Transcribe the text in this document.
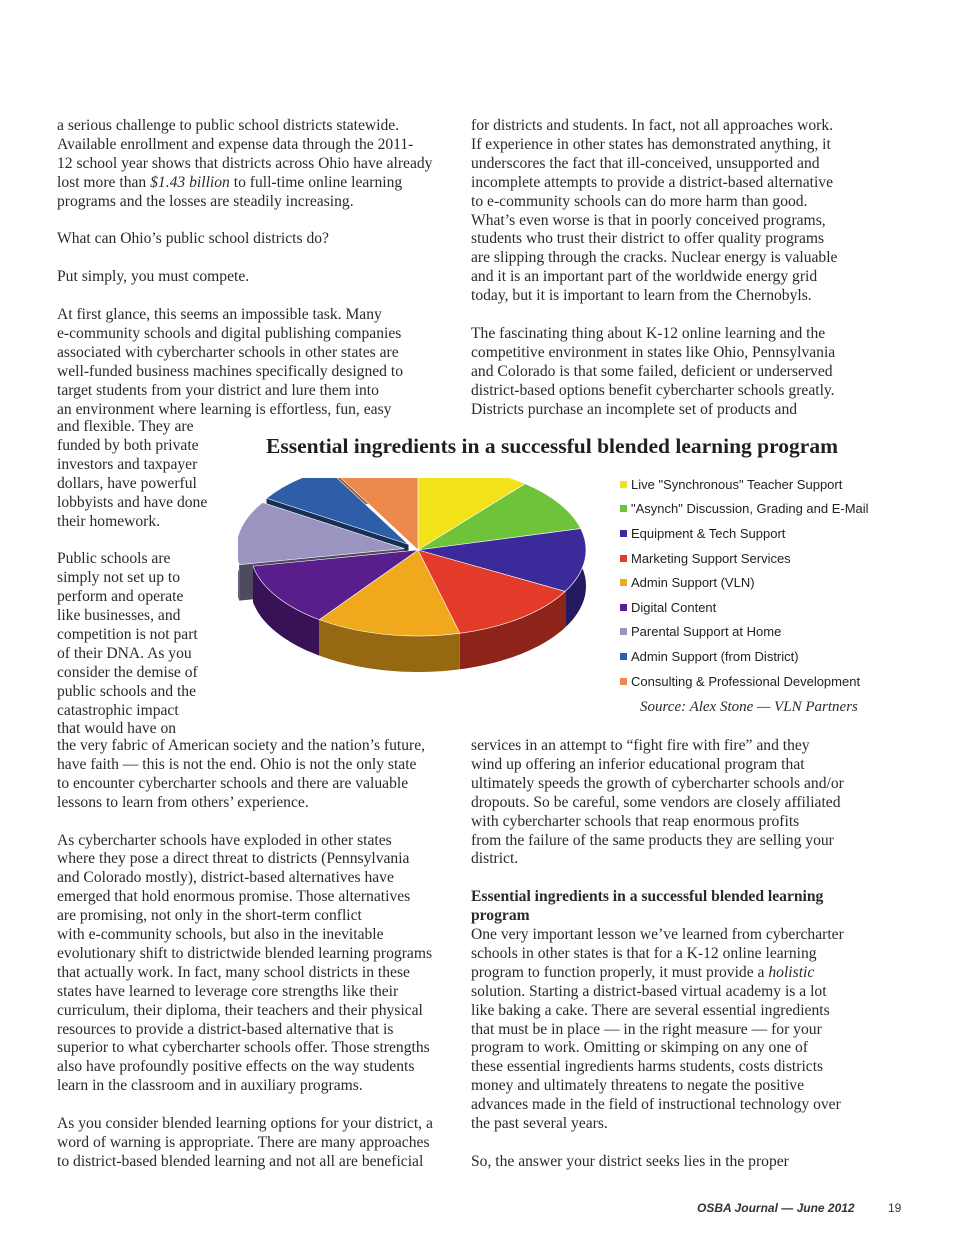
a serious challenge to public school districts statewide.
Available enrollment and expense data through the 2011-
12 school year shows that districts across Ohio have already
lost more than $1.43 billion to full-time online learning
programs and the losses are steadily increasing.

What can Ohio’s public school districts do?

Put simply, you must compete.

At first glance, this seems an impossible task. Many
e-community schools and digital publishing companies
associated with cybercharter schools in other states are
well-funded business machines specifically designed to
target students from your district and lure them into
an environment where learning is effortless, fun, easy

and flexible. They are
funded by both private
investors and taxpayer
dollars, have powerful
lobbyists and have done
their homework.

Public schools are
simply not set up to
perform and operate
like businesses, and
competition is not part
of their DNA. As you
consider the demise of
public schools and the
catastrophic impact
that would have on

the very fabric of American society and the nation’s future,
have faith — this is not the end. Ohio is not the only state
to encounter cybercharter schools and there are valuable
lessons to learn from others’ experience.

As cybercharter schools have exploded in other states
where they pose a direct threat to districts (Pennsylvania
and Colorado mostly), district-based alternatives have
emerged that hold enormous promise. Those alternatives
are promising, not only in the short-term conflict
with e-community schools, but also in the inevitable
evolutionary shift to districtwide blended learning programs
that actually work. In fact, many school districts in these
states have learned to leverage core strengths like their
curriculum, their diploma, their teachers and their physical
resources to provide a district-based alternative that is
superior to what cybercharter schools offer. Those strengths
also have profoundly positive effects on the way students
learn in the classroom and in auxiliary programs.

As you consider blended learning options for your district, a
word of warning is appropriate. There are many approaches
to district-based blended learning and not all are beneficial

for districts and students. In fact, not all approaches work.
If experience in other states has demonstrated anything, it
underscores the fact that ill-conceived, unsupported and
incomplete attempts to provide a district-based alternative
to e-community schools can do more harm than good.
What’s even worse is that in poorly conceived programs,
students who trust their district to offer quality programs
are slipping through the cracks. Nuclear energy is valuable
and it is an important part of the worldwide energy grid
today, but it is important to learn from the Chernobyls.

The fascinating thing about K-12 online learning and the
competitive environment in states like Ohio, Pennsylvania
and Colorado is that some failed, deficient or underserved
district-based options benefit cybercharter schools greatly.
Districts purchase an incomplete set of products and

Essential ingredients in a successful blended learning program
Live "Synchronous" Teacher Support
"Asynch" Discussion, Grading and E-Mail
Equipment & Tech Support
Marketing Support Services
Admin Support (VLN)
Digital Content
Parental Support at Home
Admin Support (from District)
Consulting & Professional Development
Source: Alex Stone — VLN Partners

services in an attempt to “fight fire with fire” and they
wind up offering an inferior educational program that
ultimately speeds the growth of cybercharter schools and/or
dropouts. So be careful, some vendors are closely affiliated
with cybercharter schools that reap enormous profits
from the failure of the same products they are selling your
district.

Essential ingredients in a successful blended learning
program

One very important lesson we’ve learned from cybercharter
schools in other states is that for a K-12 online learning
program to function properly, it must provide a holistic
solution. Starting a district-based virtual academy is a lot
like baking a cake. There are several essential ingredients
that must be in place — in the right measure — for your
program to work. Omitting or skimping on any one of
these essential ingredients harms students, costs districts
money and ultimately threatens to negate the positive
advances made in the field of instructional technology over
the past several years.

So, the answer your district seeks lies in the proper

OSBA Journal — June 2012	19
